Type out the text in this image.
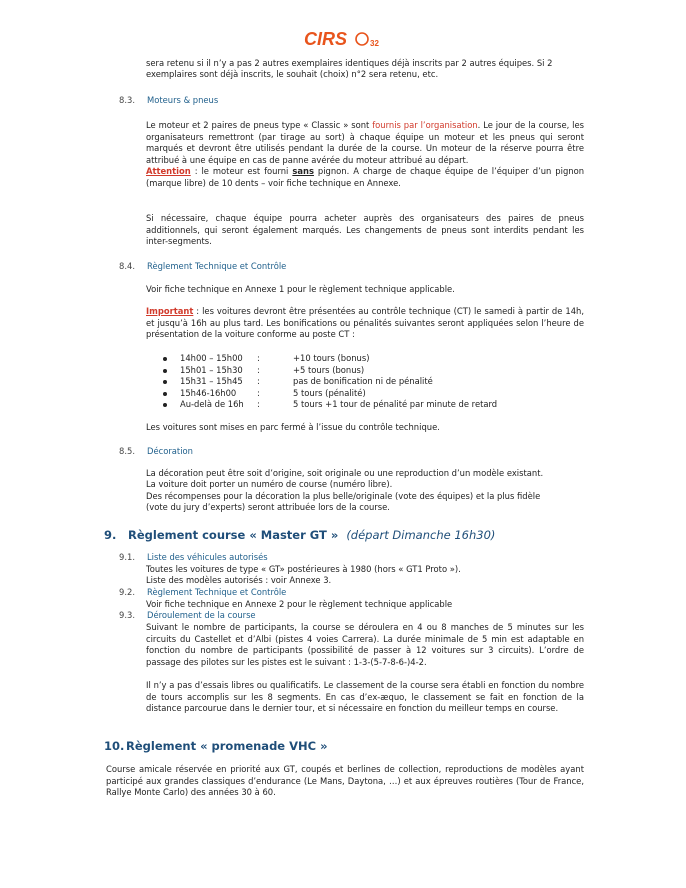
CIRS	32
sera retenu si il n’y a pas 2 autres exemplaires identiques déjà inscrits par 2 autres équipes. Si 2
exemplaires sont déjà inscrits, le souhait (choix) n°2 sera retenu, etc.
8.3. Moteurs & pneus
Le moteur et 2 paires de pneus type « Classic » sont fournis par l’organisation. Le jour de la course, les organisateurs remettront (par tirage au sort) à chaque équipe un moteur et les pneus qui seront marqués et devront être utilisés pendant la durée de la course. Un moteur de la réserve pourra être attribué à une équipe en cas de panne avérée du moteur attribué au départ.
Attention : le moteur est fourni sans pignon. A charge de chaque équipe de l’équiper d’un pignon (marque libre) de 10 dents – voir fiche technique en Annexe.
Si nécessaire, chaque équipe pourra acheter auprès des organisateurs des paires de pneus additionnels, qui seront également marqués. Les changements de pneus sont interdits pendant les inter-segments.
8.4. Règlement Technique et Contrôle
Voir fiche technique en Annexe 1 pour le règlement technique applicable.
Important : les voitures devront être présentées au contrôle technique (CT) le samedi à partir de 14h, et jusqu’à 16h au plus tard. Les bonifications ou pénalités suivantes seront appliquées selon l’heure de présentation de la voiture conforme au poste CT :
14h00 – 15h00 :	+10 tours (bonus)
15h01 – 15h30 :	+5 tours (bonus)
15h31 – 15h45 :	pas de bonification ni de pénalité
15h46-16h00 :	5 tours (pénalité)
Au-delà de 16h :	5 tours +1 tour de pénalité par minute de retard
Les voitures sont mises en parc fermé à l’issue du contrôle technique.
8.5. Décoration
La décoration peut être soit d’origine, soit originale ou une reproduction d’un modèle existant.
La voiture doit porter un numéro de course (numéro libre).
Des récompenses pour la décoration la plus belle/originale (vote des équipes) et la plus fidèle
(vote du jury d’experts) seront attribuée lors de la course.
9. Règlement course « Master GT » (départ Dimanche 16h30)
9.1. Liste des véhicules autorisés
Toutes les voitures de type « GT» postérieures à 1980 (hors « GT1 Proto »).
Liste des modèles autorisés : voir Annexe 3.
9.2. Règlement Technique et Contrôle
Voir fiche technique en Annexe 2 pour le règlement technique applicable
9.3. Déroulement de la course
Suivant le nombre de participants, la course se déroulera en 4 ou 8 manches de 5 minutes sur les circuits du Castellet et d’Albi (pistes 4 voies Carrera). La durée minimale de 5 min est adaptable en fonction du nombre de participants (possibilité de passer à 12 voitures sur 3 circuits). L’ordre de passage des pilotes sur les pistes est le suivant : 1-3-(5-7-8-6-)4-2.
Il n’y a pas d’essais libres ou qualificatifs. Le classement de la course sera établi en fonction du nombre de tours accomplis sur les 8 segments. En cas d’ex-æquo, le classement se fait en fonction de la distance parcourue dans le dernier tour, et si nécessaire en fonction du meilleur temps en course.
10. Règlement « promenade VHC »
Course amicale réservée en priorité aux GT, coupés et berlines de collection, reproductions de modèles ayant participé aux grandes classiques d’endurance (Le Mans, Daytona, …) et aux épreuves routières (Tour de France, Rallye Monte Carlo) des années 30 à 60.
